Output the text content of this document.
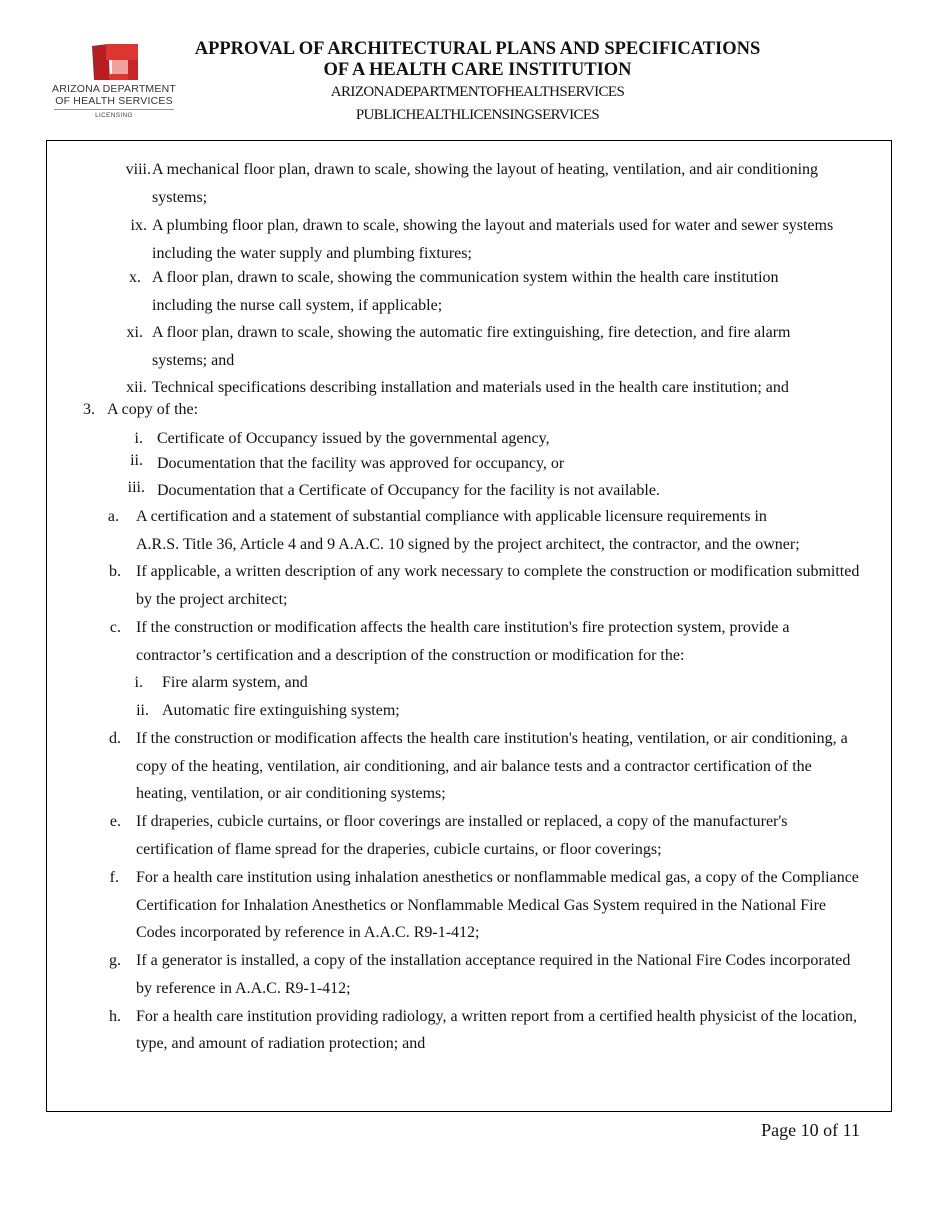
ARIZONA DEPARTMENT
OF HEALTH SERVICES
LICENSING

APPROVAL OF ARCHITECTURAL PLANS AND SPECIFICATIONS

OF A HEALTH CARE INSTITUTION

ARIZONADEPARTMENTOFHEALTHSERVICES

PUBLICHEALTHLICENSINGSERVICES

viii. A mechanical floor plan, drawn to scale, showing the layout of heating, ventilation, and air conditioning
systems;
ix. A plumbing floor plan, drawn to scale, showing the layout and materials used for water and sewer systems
including the water supply and plumbing fixtures;
x. A floor plan, drawn to scale, showing the communication system within the health care institution
including the nurse call system, if applicable;
xi. A floor plan, drawn to scale, showing the automatic fire extinguishing, fire detection, and fire alarm
systems; and
xii. Technical specifications describing installation and materials used in the health care institution; and
3. A copy of the:
i. Certificate of Occupancy issued by the governmental agency,
ii. Documentation that the facility was approved for occupancy, or
iii. Documentation that a Certificate of Occupancy for the facility is not available.
a. A certification and a statement of substantial compliance with applicable licensure requirements in
A.R.S. Title 36, Article 4 and 9 A.A.C. 10 signed by the project architect, the contractor, and the owner;
b. If applicable, a written description of any work necessary to complete the construction or modification submitted
by the project architect;
c. If the construction or modification affects the health care institution's fire protection system, provide a
contractor’s certification and a description of the construction or modification for the:
i. Fire alarm system, and
ii. Automatic fire extinguishing system;
d. If the construction or modification affects the health care institution's heating, ventilation, or air conditioning, a
copy of the heating, ventilation, air conditioning, and air balance tests and a contractor certification of the
heating, ventilation, or air conditioning systems;
e. If draperies, cubicle curtains, or floor coverings are installed or replaced, a copy of the manufacturer's
certification of flame spread for the draperies, cubicle curtains, or floor coverings;
f. For a health care institution using inhalation anesthetics or nonflammable medical gas, a copy of the Compliance
Certification for Inhalation Anesthetics or Nonflammable Medical Gas System required in the National Fire
Codes incorporated by reference in A.A.C. R9-1-412;
g. If a generator is installed, a copy of the installation acceptance required in the National Fire Codes incorporated
by reference in A.A.C. R9-1-412;
h. For a health care institution providing radiology, a written report from a certified health physicist of the location,
type, and amount of radiation protection; and
Page 10 of 11
